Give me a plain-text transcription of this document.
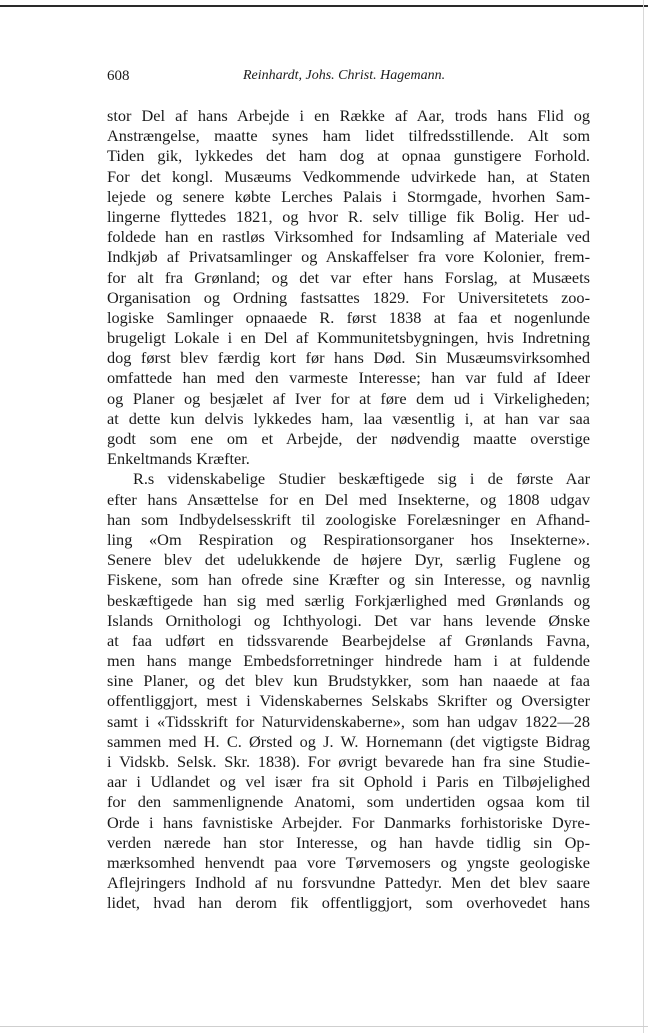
608	Reinhardt, Johs. Christ. Hagemann.
stor Del af hans Arbejde i en Række af Aar, trods hans Flid og
Anstrængelse, maatte synes ham lidet tilfredsstillende. Alt som
Tiden gik, lykkedes det ham dog at opnaa gunstigere Forhold.
For det kongl. Musæums Vedkommende udvirkede han, at Staten
lejede og senere købte Lerches Palais i Stormgade, hvorhen Sam-
lingerne flyttedes 1821, og hvor R. selv tillige fik Bolig. Her ud-
foldede han en rastløs Virksomhed for Indsamling af Materiale ved
Indkjøb af Privatsamlinger og Anskaffelser fra vore Kolonier, frem-
for alt fra Grønland; og det var efter hans Forslag, at Musæets
Organisation og Ordning fastsattes 1829. For Universitetets zoo-
logiske Samlinger opnaaede R. først 1838 at faa et nogenlunde
brugeligt Lokale i en Del af Kommunitetsbygningen, hvis Indretning
dog først blev færdig kort før hans Død. Sin Musæumsvirksomhed
omfattede han med den varmeste Interesse; han var fuld af Ideer
og Planer og besjælet af Iver for at føre dem ud i Virkeligheden;
at dette kun delvis lykkedes ham, laa væsentlig i, at han var saa
godt som ene om et Arbejde, der nødvendig maatte overstige
Enkeltmands Kræfter.
R.s videnskabelige Studier beskæftigede sig i de første Aar
efter hans Ansættelse for en Del med Insekterne, og 1808 udgav
han som Indbydelsesskrift til zoologiske Forelæsninger en Afhand-
ling «Om Respiration og Respirationsorganer hos Insekterne».
Senere blev det udelukkende de højere Dyr, særlig Fuglene og
Fiskene, som han ofrede sine Kræfter og sin Interesse, og navnlig
beskæftigede han sig med særlig Forkjærlighed med Grønlands og
Islands Ornithologi og Ichthyologi. Det var hans levende Ønske
at faa udført en tidssvarende Bearbejdelse af Grønlands Favna,
men hans mange Embedsforretninger hindrede ham i at fuldende
sine Planer, og det blev kun Brudstykker, som han naaede at faa
offentliggjort, mest i Videnskabernes Selskabs Skrifter og Oversigter
samt i «Tidsskrift for Naturvidenskaberne», som han udgav 1822—28
sammen med H. C. Ørsted og J. W. Hornemann (det vigtigste Bidrag
i Vidskb. Selsk. Skr. 1838). For øvrigt bevarede han fra sine Studie-
aar i Udlandet og vel især fra sit Ophold i Paris en Tilbøjelighed
for den sammenlignende Anatomi, som undertiden ogsaa kom til
Orde i hans favnistiske Arbejder. For Danmarks forhistoriske Dyre-
verden nærede han stor Interesse, og han havde tidlig sin Op-
mærksomhed henvendt paa vore Tørvemosers og yngste geologiske
Aflejringers Indhold af nu forsvundne Pattedyr. Men det blev saare
lidet, hvad han derom fik offentliggjort, som overhovedet hans
